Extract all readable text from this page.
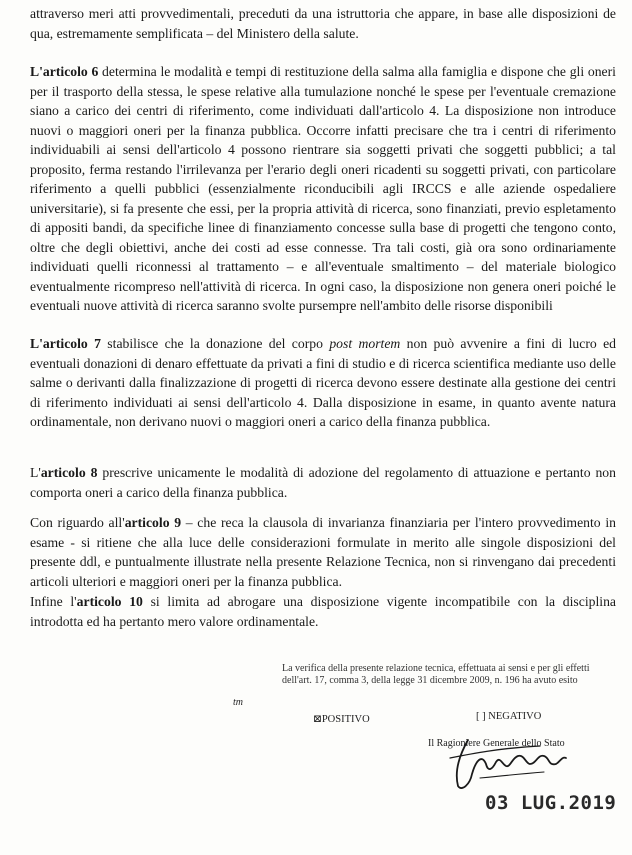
attraverso meri atti provvedimentali, preceduti da una istruttoria che appare, in base alle disposizioni de qua, estremamente semplificata – del Ministero della salute.

L'articolo 6 determina le modalità e tempi di restituzione della salma alla famiglia e dispone che gli oneri per il trasporto della stessa, le spese relative alla tumulazione nonché le spese per l'eventuale cremazione siano a carico dei centri di riferimento, come individuati dall'articolo 4. La disposizione non introduce nuovi o maggiori oneri per la finanza pubblica. Occorre infatti precisare che tra i centri di riferimento individuabili ai sensi dell'articolo 4 possono rientrare sia soggetti privati che soggetti pubblici; a tal proposito, ferma restando l'irrilevanza per l'erario degli oneri ricadenti su soggetti privati, con particolare riferimento a quelli pubblici (essenzialmente riconducibili agli IRCCS e alle aziende ospedaliere universitarie), si fa presente che essi, per la propria attività di ricerca, sono finanziati, previo espletamento di appositi bandi, da specifiche linee di finanziamento concesse sulla base di progetti che tengono conto, oltre che degli obiettivi, anche dei costi ad esse connesse. Tra tali costi, già ora sono ordinariamente individuati quelli riconnessi al trattamento – e all'eventuale smaltimento – del materiale biologico eventualmente ricompreso nell'attività di ricerca. In ogni caso, la disposizione non genera oneri poiché le eventuali nuove attività di ricerca saranno svolte pursempre nell'ambito delle risorse disponibili

L'articolo 7 stabilisce che la donazione del corpo post mortem non può avvenire a fini di lucro ed eventuali donazioni di denaro effettuate da privati a fini di studio e di ricerca scientifica mediante uso delle salme o derivanti dalla finalizzazione di progetti di ricerca devono essere destinate alla gestione dei centri di riferimento individuati ai sensi dell'articolo 4. Dalla disposizione in esame, in quanto avente natura ordinamentale, non derivano nuovi o maggiori oneri a carico della finanza pubblica.

L'articolo 8 prescrive unicamente le modalità di adozione del regolamento di attuazione e pertanto non comporta oneri a carico della finanza pubblica.

Con riguardo all'articolo 9 – che reca la clausola di invarianza finanziaria per l'intero provvedimento in esame - si ritiene che alla luce delle considerazioni formulate in merito alle singole disposizioni del presente ddl, e puntualmente illustrate nella presente Relazione Tecnica, non si rinvengano dai precedenti articoli ulteriori e maggiori oneri per la finanza pubblica.

Infine l'articolo 10 si limita ad abrogare una disposizione vigente incompatibile con la disciplina introdotta ed ha pertanto mero valore ordinamentale.

La verifica della presente relazione tecnica, effettuata ai sensi e per gli effetti dell'art. 17, comma 3, della legge 31 dicembre 2009, n. 196 ha avuto esito

tm
⊠POSITIVO	[ ] NEGATIVO
Il Ragioniere Generale dello Stato
03 LUG.2019
